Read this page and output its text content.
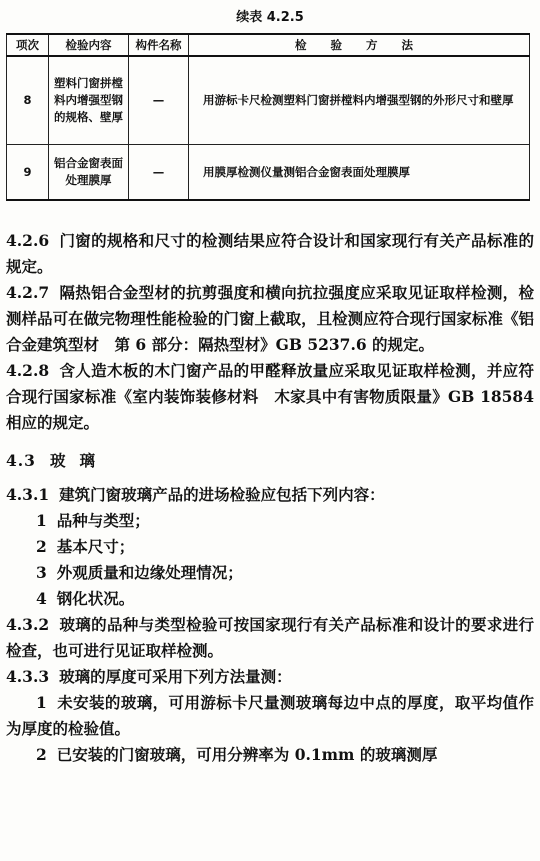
续表 4.2.5
项次	检验内容	构件名称	检 验 方 法
8	塑料门窗拼樘料内增强型钢的规格、壁厚	—	用游标卡尺检测塑料门窗拼樘料内增强型钢的外形尺寸和壁厚
9	铝合金窗表面处理膜厚	—	用膜厚检测仪量测铝合金窗表面处理膜厚

4.2.6 门窗的规格和尺寸的检测结果应符合设计和国家现行有关产品标准的规定。

4.2.7 隔热铝合金型材的抗剪强度和横向抗拉强度应采取见证取样检测，检测样品可在做完物理性能检验的门窗上截取，且检测应符合现行国家标准《铝合金建筑型材　第 6 部分：隔热型材》GB 5237.6 的规定。

4.2.8 含人造木板的木门窗产品的甲醛释放量应采取见证取样检测，并应符合现行国家标准《室内装饰装修材料　木家具中有害物质限量》GB 18584 相应的规定。

4.3 玻璃

4.3.1 建筑门窗玻璃产品的进场检验应包括下列内容：

1 品种与类型；

2 基本尺寸；

3 外观质量和边缘处理情况；

4 钢化状况。

4.3.2 玻璃的品种与类型检验可按国家现行有关产品标准和设计的要求进行检查，也可进行见证取样检测。

4.3.3 玻璃的厚度可采用下列方法量测：

1 未安装的玻璃，可用游标卡尺量测玻璃每边中点的厚度，取平均值作为厚度的检验值。

2 已安装的门窗玻璃，可用分辨率为 0.1mm 的玻璃测厚
